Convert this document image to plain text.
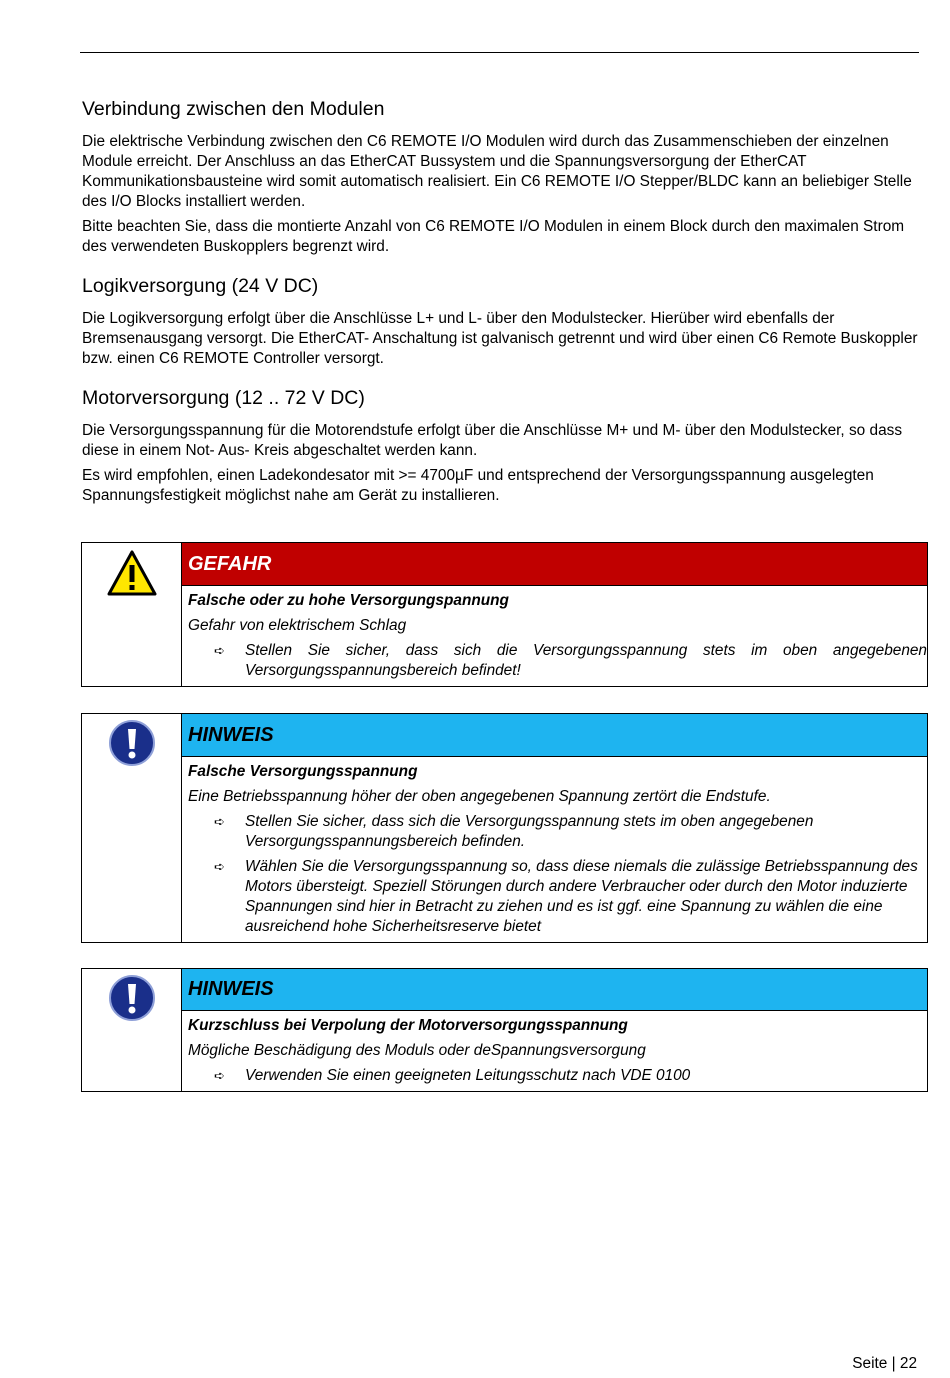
Verbindung zwischen den Modulen

Die elektrische Verbindung zwischen den C6 REMOTE I/O Modulen wird durch das Zusammenschieben der einzelnen Module erreicht. Der Anschluss an das EtherCAT Bussystem und die Spannungsversorgung der EtherCAT Kommunikationsbausteine wird somit automatisch realisiert. Ein C6 REMOTE I/O Stepper/BLDC kann an beliebiger Stelle des I/O Blocks installiert werden.

Bitte beachten Sie, dass die montierte Anzahl von C6 REMOTE I/O Modulen in einem Block durch den maximalen Strom des verwendeten Buskopplers begrenzt wird.

Logikversorgung (24 V DC)

Die Logikversorgung erfolgt über die Anschlüsse L+ und L- über den Modulstecker. Hierüber wird ebenfalls der Bremsenausgang versorgt. Die EtherCAT- Anschaltung ist galvanisch getrennt und wird über einen C6 Remote Buskoppler bzw. einen C6 REMOTE Controller versorgt.

Motorversorgung (12 .. 72 V DC)

Die Versorgungsspannung für die Motorendstufe erfolgt über die Anschlüsse M+ und M- über den Modulstecker, so dass diese in einem Not- Aus- Kreis abgeschaltet werden kann.

Es wird empfohlen, einen Ladekondesator mit >= 4700µF und entsprechend der Versorgungsspannung ausgelegten Spannungsfestigkeit möglichst nahe am Gerät zu installieren.

GEFAHR
Falsche oder zu hohe Versorgungspannung
Gefahr von elektrischem Schlag
➪	Stellen Sie sicher, dass sich die Versorgungsspannung stets im oben angegebenen Versorgungsspannungsbereich befindet!
HINWEIS
Falsche Versorgungsspannung
Eine Betriebsspannung höher der oben angegebenen Spannung zertört die Endstufe.
➪	Stellen Sie sicher, dass sich die Versorgungsspannung stets im oben angegebenen Versorgungsspannungsbereich befinden.
➪	Wählen Sie die Versorgungsspannung so, dass diese niemals die zulässige Betriebsspannung des Motors übersteigt. Speziell Störungen durch andere Verbraucher oder durch den Motor induzierte Spannungen sind hier in Betracht zu ziehen und es ist ggf. eine Spannung zu wählen die eine ausreichend hohe Sicherheitsreserve bietet
HINWEIS
Kurzschluss bei Verpolung der Motorversorgungsspannung
Mögliche Beschädigung des Moduls oder deSpannungsversorgung
➪	Verwenden Sie einen geeigneten Leitungsschutz nach VDE 0100
Seite | 22
